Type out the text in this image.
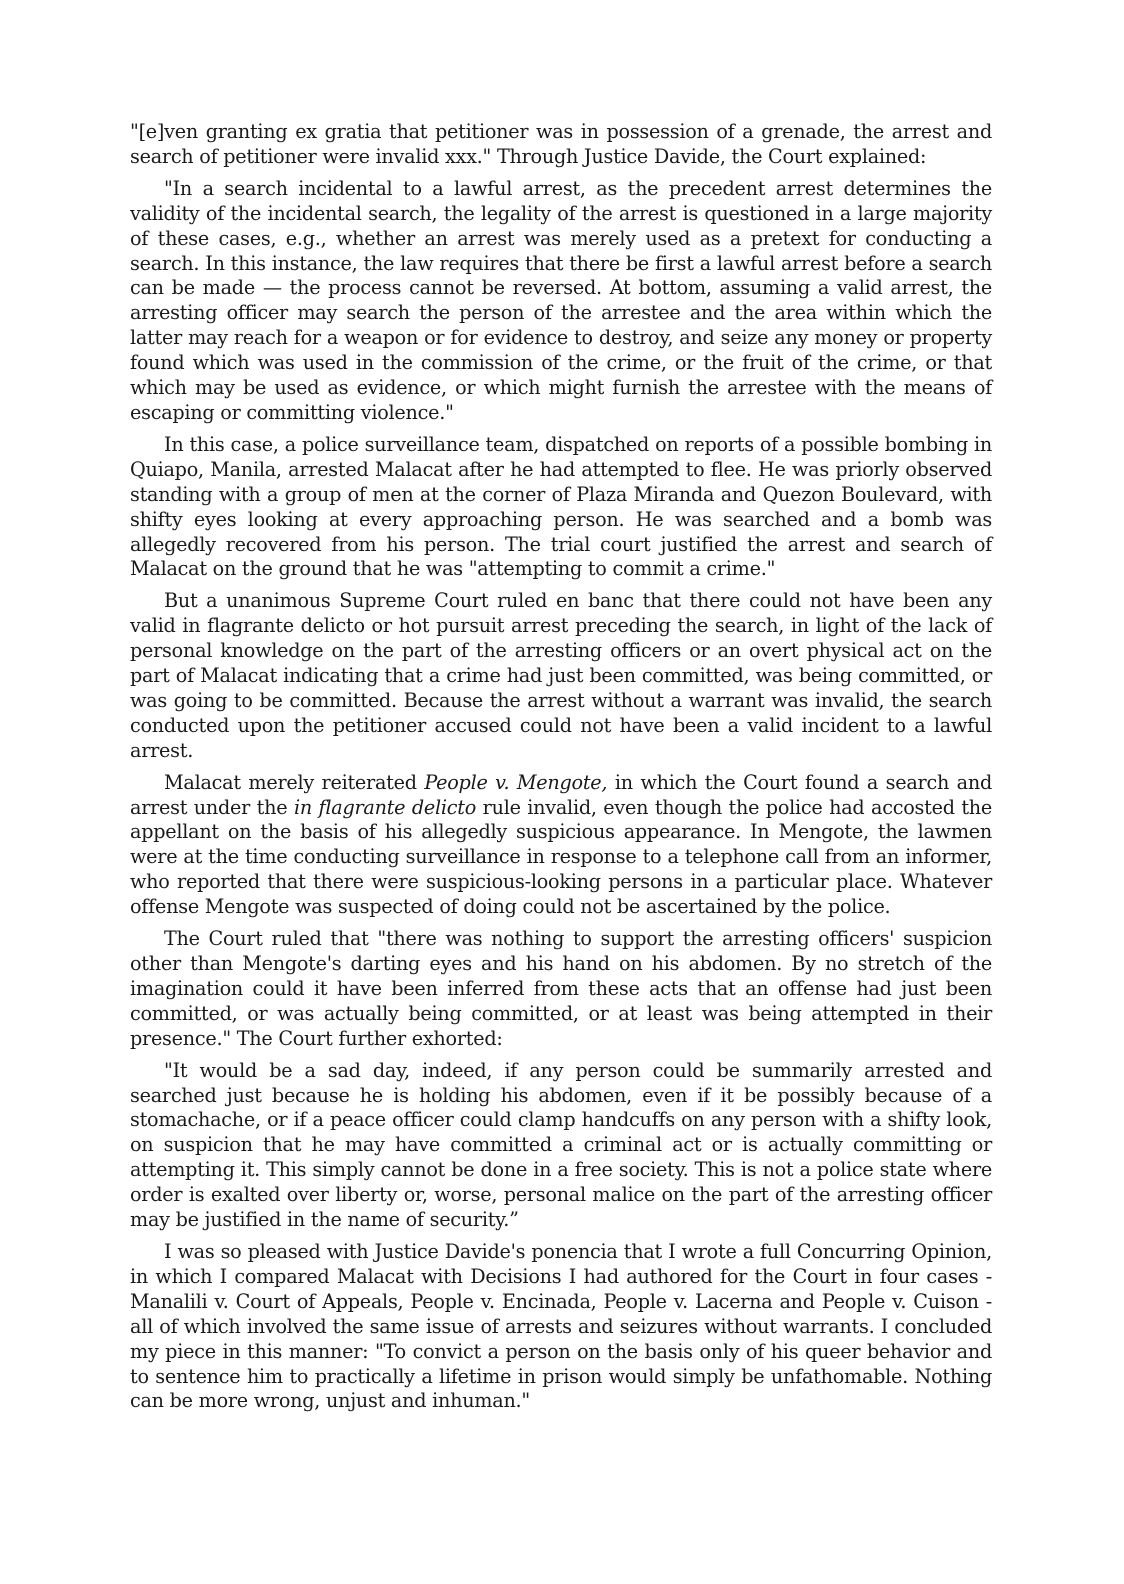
"[e]ven granting ex gratia that petitioner was in possession of a grenade, the arrest and search of petitioner were invalid xxx." Through Justice Davide, the Court explained:

"In a search incidental to a lawful arrest, as the precedent arrest determines the validity of the incidental search, the legality of the arrest is questioned in a large majority of these cases, e.g., whether an arrest was merely used as a pretext for conducting a search. In this instance, the law requires that there be first a lawful arrest before a search can be made — the process cannot be reversed. At bottom, assuming a valid arrest, the arresting officer may search the person of the arrestee and the area within which the latter may reach for a weapon or for evidence to destroy, and seize any money or property found which was used in the commission of the crime, or the fruit of the crime, or that which may be used as evidence, or which might furnish the arrestee with the means of escaping or committing violence."

In this case, a police surveillance team, dispatched on reports of a possible bombing in Quiapo, Manila, arrested Malacat after he had attempted to flee. He was priorly observed standing with a group of men at the corner of Plaza Miranda and Quezon Boulevard, with shifty eyes looking at every approaching person. He was searched and a bomb was allegedly recovered from his person. The trial court justified the arrest and search of Malacat on the ground that he was "attempting to commit a crime."

But a unanimous Supreme Court ruled en banc that there could not have been any valid in flagrante delicto or hot pursuit arrest preceding the search, in light of the lack of personal knowledge on the part of the arresting officers or an overt physical act on the part of Malacat indicating that a crime had just been committed, was being committed, or was going to be committed. Because the arrest without a warrant was invalid, the search conducted upon the petitioner accused could not have been a valid incident to a lawful arrest.

Malacat merely reiterated People v. Mengote, in which the Court found a search and arrest under the in flagrante delicto rule invalid, even though the police had accosted the appellant on the basis of his allegedly suspicious appearance. In Mengote, the lawmen were at the time conducting surveillance in response to a telephone call from an informer, who reported that there were suspicious-looking persons in a particular place. Whatever offense Mengote was suspected of doing could not be ascertained by the police.

The Court ruled that "there was nothing to support the arresting officers' suspicion other than Mengote's darting eyes and his hand on his abdomen. By no stretch of the imagination could it have been inferred from these acts that an offense had just been committed, or was actually being committed, or at least was being attempted in their presence." The Court further exhorted:

"It would be a sad day, indeed, if any person could be summarily arrested and searched just because he is holding his abdomen, even if it be possibly because of a stomachache, or if a peace officer could clamp handcuffs on any person with a shifty look, on suspicion that he may have committed a criminal act or is actually committing or attempting it. This simply cannot be done in a free society. This is not a police state where order is exalted over liberty or, worse, personal malice on the part of the arresting officer may be justified in the name of security.”

I was so pleased with Justice Davide's ponencia that I wrote a full Concurring Opinion, in which I compared Malacat with Decisions I had authored for the Court in four cases - Manalili v. Court of Appeals, People v. Encinada, People v. Lacerna and People v. Cuison - all of which involved the same issue of arrests and seizures without warrants. I concluded my piece in this manner: "To convict a person on the basis only of his queer behavior and to sentence him to practically a lifetime in prison would simply be unfathomable. Nothing can be more wrong, unjust and inhuman."
